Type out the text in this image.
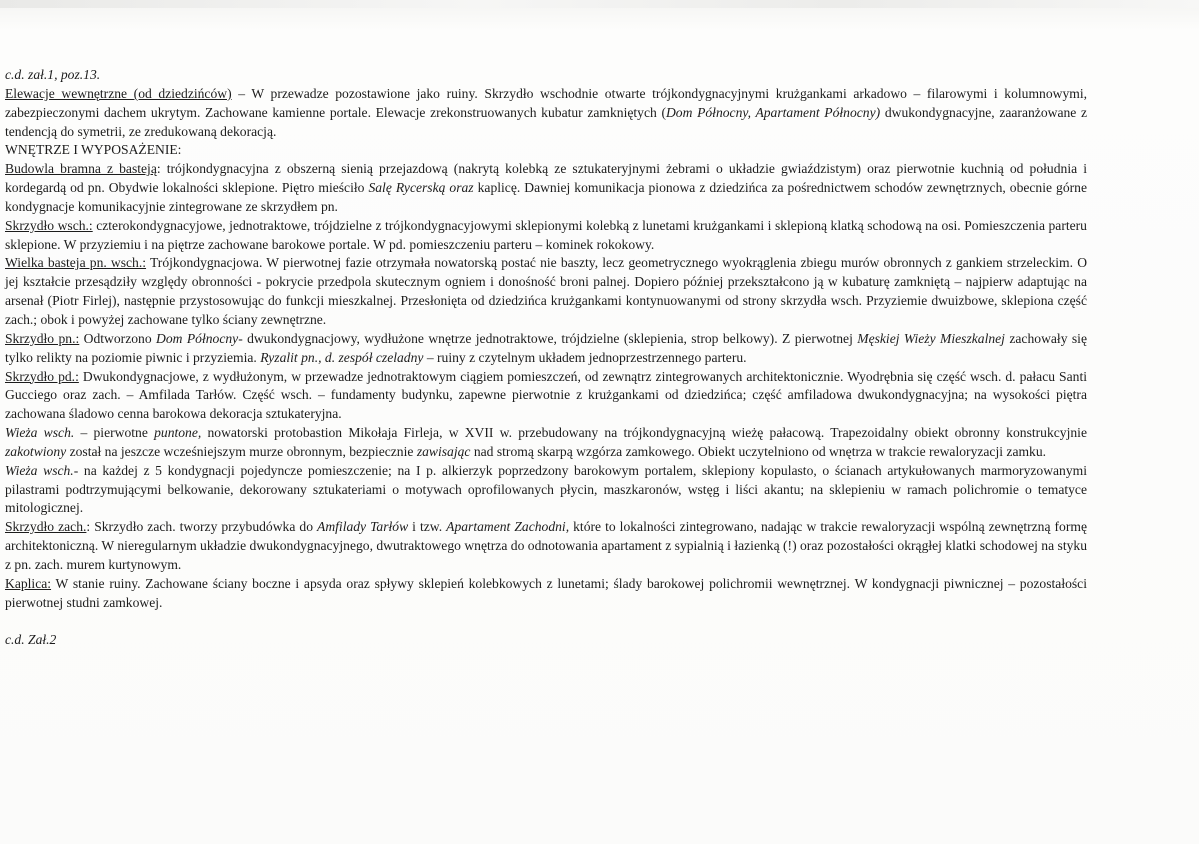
c.d. zał.1, poz.13.

Elewacje wewnętrzne (od dziedzińców) – W przewadze pozostawione jako ruiny. Skrzydło wschodnie otwarte trójkondygnacyjnymi krużgankami arkadowo – filarowymi i kolumnowymi, zabezpieczonymi dachem ukrytym. Zachowane kamienne portale. Elewacje zrekonstruowanych kubatur zamkniętych (Dom Północny, Apartament Północny) dwukondygnacyjne, zaaranżowane z tendencją do symetrii, ze zredukowaną dekoracją.

WNĘTRZE I WYPOSAŻENIE:

Budowla bramna z basteją: trójkondygnacyjna z obszerną sienią przejazdową (nakrytą kolebką ze sztukateryjnymi żebrami o układzie gwiaździstym) oraz pierwotnie kuchnią od południa i kordegardą od pn. Obydwie lokalności sklepione. Piętro mieściło Salę Rycerską oraz kaplicę. Dawniej komunikacja pionowa z dziedzińca za pośrednictwem schodów zewnętrznych, obecnie górne kondygnacje komunikacyjnie zintegrowane ze skrzydłem pn.

Skrzydło wsch.: czterokondygnacyjowe, jednotraktowe, trójdzielne z trójkondygnacyjowymi sklepionymi kolebką z lunetami krużgankami i sklepioną klatką schodową na osi. Pomieszczenia parteru sklepione. W przyziemiu i na piętrze zachowane barokowe portale. W pd. pomieszczeniu parteru – kominek rokokowy.

Wielka basteja pn. wsch.: Trójkondygnacjowa. W pierwotnej fazie otrzymała nowatorską postać nie baszty, lecz geometrycznego wyokrąglenia zbiegu murów obronnych z gankiem strzeleckim. O jej kształcie przesądziły względy obronności - pokrycie przedpola skutecznym ogniem i donośność broni palnej. Dopiero później przekształcono ją w kubaturę zamkniętą – najpierw adaptując na arsenał (Piotr Firlej), następnie przystosowując do funkcji mieszkalnej. Przesłonięta od dziedzińca krużgankami kontynuowanymi od strony skrzydła wsch. Przyziemie dwuizbowe, sklepiona część zach.; obok i powyżej zachowane tylko ściany zewnętrzne.

Skrzydło pn.: Odtworzono Dom Północny- dwukondygnacjowy, wydłużone wnętrze jednotraktowe, trójdzielne (sklepienia, strop belkowy). Z pierwotnej Męskiej Wieży Mieszkalnej zachowały się tylko relikty na poziomie piwnic i przyziemia. Ryzalit pn., d. zespół czeladny – ruiny z czytelnym układem jednoprzestrzennego parteru.

Skrzydło pd.: Dwukondygnacjowe, z wydłużonym, w przewadze jednotraktowym ciągiem pomieszczeń, od zewnątrz zintegrowanych architektonicznie. Wyodrębnia się część wsch. d. pałacu Santi Gucciego oraz zach. – Amfilada Tarłów. Część wsch. – fundamenty budynku, zapewne pierwotnie z krużgankami od dziedzińca; część amfiladowa dwukondygnacyjna; na wysokości piętra zachowana śladowo cenna barokowa dekoracja sztukateryjna.

Wieża wsch. – pierwotne puntone, nowatorski protobastion Mikołaja Firleja, w XVII w. przebudowany na trójkondygnacyjną wieżę pałacową. Trapezoidalny obiekt obronny konstrukcyjnie zakotwiony został na jeszcze wcześniejszym murze obronnym, bezpiecznie zawisając nad stromą skarpą wzgórza zamkowego. Obiekt uczytelniono od wnętrza w trakcie rewaloryzacji zamku.

Wieża wsch.- na każdej z 5 kondygnacji pojedyncze pomieszczenie; na I p. alkierzyk poprzedzony barokowym portalem, sklepiony kopulasto, o ścianach artykułowanych marmoryzowanymi pilastrami podtrzymującymi belkowanie, dekorowany sztukateriami o motywach oprofilowanych płycin, maszkaronów, wstęg i liści akantu; na sklepieniu w ramach polichromie o tematyce mitologicznej.

Skrzydło zach.: Skrzydło zach. tworzy przybudówka do Amfilady Tarłów i tzw. Apartament Zachodni, które to lokalności zintegrowano, nadając w trakcie rewaloryzacji wspólną zewnętrzną formę architektoniczną. W nieregularnym układzie dwukondygnacyjnego, dwutraktowego wnętrza do odnotowania apartament z sypialnią i łazienką (!) oraz pozostałości okrągłej klatki schodowej na styku z pn. zach. murem kurtynowym.

Kaplica: W stanie ruiny. Zachowane ściany boczne i apsyda oraz spływy sklepień kolebkowych z lunetami; ślady barokowej polichromii wewnętrznej. W kondygnacji piwnicznej – pozostałości pierwotnej studni zamkowej.

c.d. Zał.2
